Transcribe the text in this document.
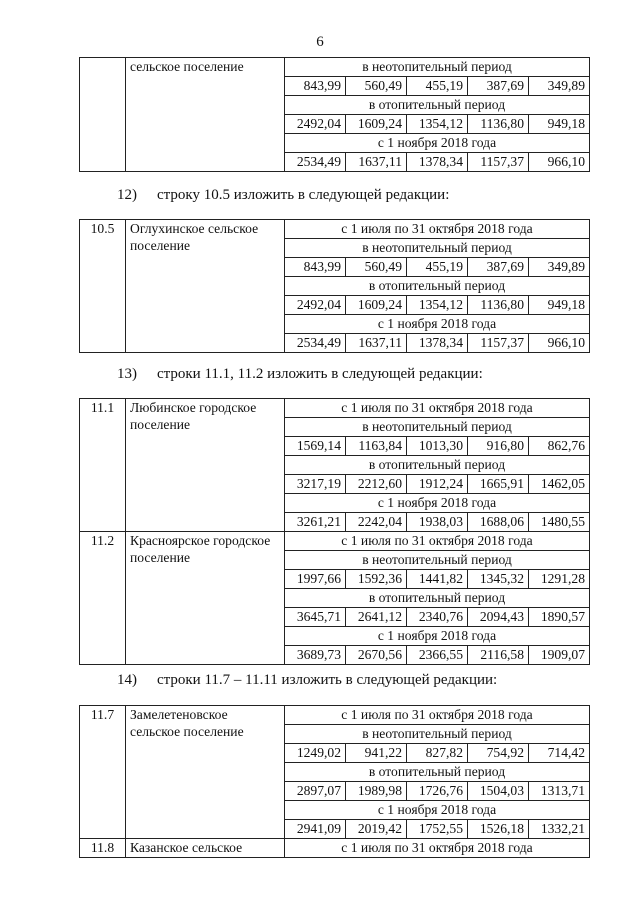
6
	сельское поселение	в неотопительный период				
		843,99	560,49	455,19	387,69	349,89
		в отопительный период				
		2492,04	1609,24	1354,12	1136,80	949,18
		с 1 ноября 2018 года				
		2534,49	1637,11	1378,34	1157,37	966,10
12) строку 10.5 изложить в следующей редакции:
10.5	Оглухинское сельское поселение	с 1 июля по 31 октября 2018 года				
		в неотопительный период				
		843,99	560,49	455,19	387,69	349,89
		в отопительный период				
		2492,04	1609,24	1354,12	1136,80	949,18
		с 1 ноября 2018 года				
		2534,49	1637,11	1378,34	1157,37	966,10
13) строки 11.1, 11.2 изложить в следующей редакции:
11.1	Любинское городское поселение	с 1 июля по 31 октября 2018 года				
		в неотопительный период				
		1569,14	1163,84	1013,30	916,80	862,76
		в отопительный период				
		3217,19	2212,60	1912,24	1665,91	1462,05
		с 1 ноября 2018 года				
		3261,21	2242,04	1938,03	1688,06	1480,55
11.2	Красноярское городское поселение	с 1 июля по 31 октября 2018 года				
		в неотопительный период				
		1997,66	1592,36	1441,82	1345,32	1291,28
		в отопительный период				
		3645,71	2641,12	2340,76	2094,43	1890,57
		с 1 ноября 2018 года				
		3689,73	2670,56	2366,55	2116,58	1909,07
14) строки 11.7 – 11.11 изложить в следующей редакции:
11.7	Замелетеновское сельское поселение	с 1 июля по 31 октября 2018 года				
		в неотопительный период				
		1249,02	941,22	827,82	754,92	714,42
		в отопительный период				
		2897,07	1989,98	1726,76	1504,03	1313,71
		с 1 ноября 2018 года				
		2941,09	2019,42	1752,55	1526,18	1332,21
11.8	Казанское сельское	с 1 июля по 31 октября 2018 года				
